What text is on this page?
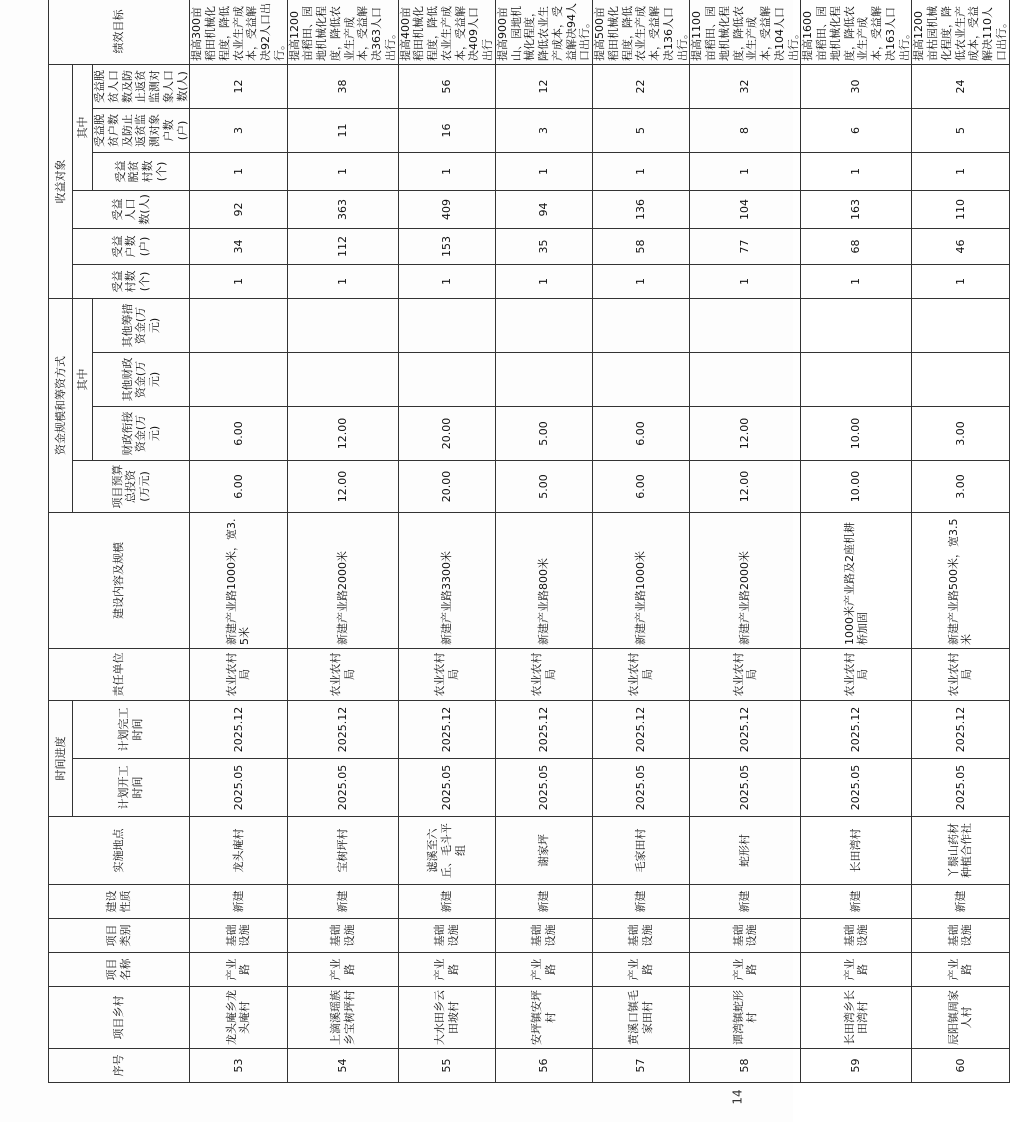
序号	项目乡村	项目名称	项目类别	建设性质	实施地点	时间进度		责任单位	建设内容及规模	资金规模和筹资方式				收益对象						绩效目标		
						计划开工时间	计划完工时间			项目预算总投资(万元)	其中			受益村数(个)	受益户数(户)	受益人口数(人)	其中					
											财政衔接资金(万元)	其他财政资金(万元)	其他筹措资金(万元)				受益脱贫村数(个)	受益脱贫户数及防止返贫监测对象户数(户)	受益脱贫人口数及防止返贫监测对象人口数(人)			
53	龙头庵乡龙头庵村	产业路	基础设施	新建	龙头庵村	2025.05	2025.12	农业农村局	新建产业路1000米，宽3.5米	6.00	6.00			1	34	92	1	3	12	提高300亩稻田机械化程度，降低农业生产成本，受益解决92人口出行。		
54	上滴溪瑶族乡宝树坪村	产业路	基础设施	新建	宝树坪村	2025.05	2025.12	农业农村局	新建产业路2000米	12.00	12.00			1	112	363	1	11	38	提高1200亩稻田、园地机械化程度，降低农业生产成本，受益解决363人口出行。		
55	大水田乡云田坡村	产业路	基础设施	新建	滤溪至六丘、毛斗平组	2025.05	2025.12	农业农村局	新建产业路3300米	20.00	20.00			1	153	409	1	16	56	提高400亩稻田机械化程度，降低农业生产成本，受益解决409人口出行		
56	安坪镇安坪村	产业路	基础设施	新建	谢家坪	2025.05	2025.12	农业农村局	新建产业路800米	5.00	5.00			1	35	94	1	3	12	提高900亩山、园地机械化程度，降低农业生产成本，受益解决94人口出行。		
57	黄溪口镇毛家田村	产业路	基础设施	新建	毛家田村	2025.05	2025.12	农业农村局	新建产业路1000米	6.00	6.00			1	58	136	1	5	22	提高500亩稻田机械化程度，降低农业生产成本，受益解决136人口出行。		
58	谭湾镇蛇形村	产业路	基础设施	新建	蛇形村	2025.05	2025.12	农业农村局	新建产业路2000米	12.00	12.00			1	77	104	1	8	32	提高1100亩稻田、园地机械化程度，降低农业生产成本，受益解决104人口出行。		
59	长田湾乡长田湾村	产业路	基础设施	新建	长田湾村	2025.05	2025.12	农业农村局	1000米产业路及2座机耕桥加固	10.00	10.00			1	68	163	1	6	30	提高1600亩稻田、园地机械化程度，降低农业生产成本，受益解决163人口出行。		
60	辰阳镇周家人村	产业路	基础设施	新建	丫鬃山药材种植合作社	2025.05	2025.12	农业农村局	新建产业路500米，宽3.5米	3.00	3.00			1	46	110	1	5	24	提高1200亩枯园机械化程度，降低农业生产成本，受益解决110人口出行。		
14
